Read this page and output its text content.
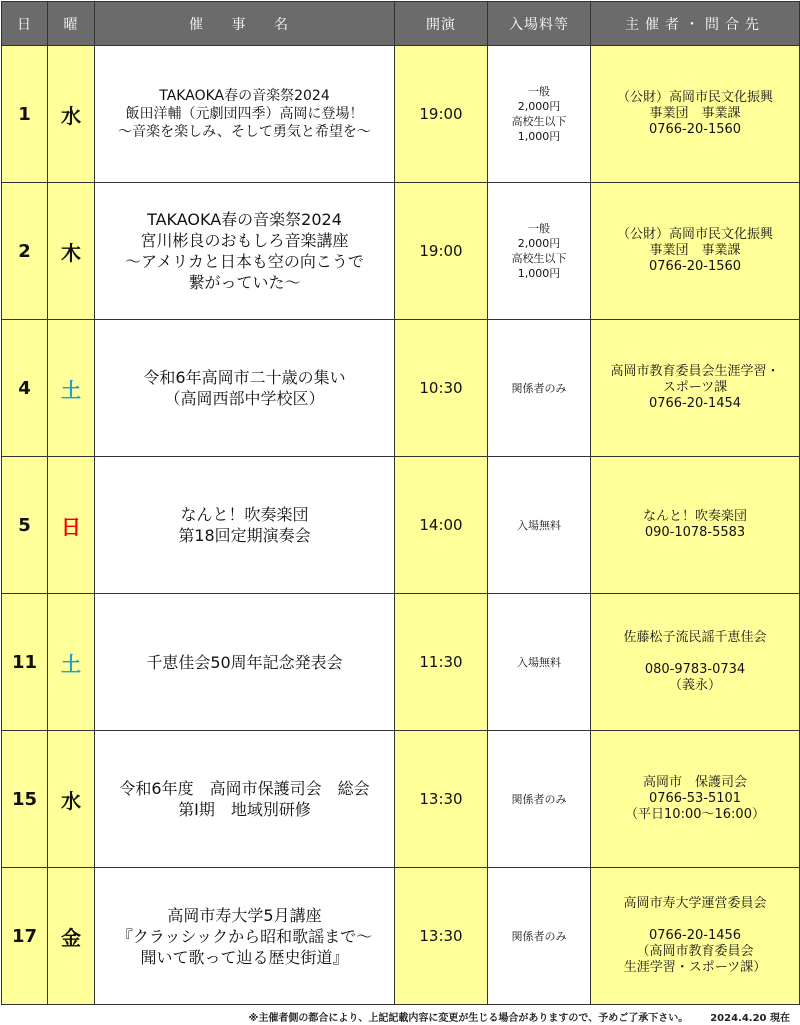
日	曜	催 事 名	開演	入場料等	主催者・問合先
1	水	TAKAOKA春の音楽祭2024
飯田洋輔（元劇団四季）高岡に登場！
～音楽を楽しみ、そして勇気と希望を～	19:00	一般
2,000円
高校生以下
1,000円	（公財）高岡市民文化振興
事業団　事業課
0766-20-1560

2	木	TAKAOKA春の音楽祭2024
宮川彬良のおもしろ音楽講座
～アメリカと日本も空の向こうで
繋がっていた～	19:00	一般
2,000円
高校生以下
1,000円	（公財）高岡市民文化振興
事業団　事業課
0766-20-1560

4	土	令和6年高岡市二十歳の集い
（高岡西部中学校区）	10:30	関係者のみ	高岡市教育委員会生涯学習・
スポーツ課
0766-20-1454

5	日	なんと！吹奏楽団
第18回定期演奏会	14:00	入場無料	なんと！吹奏楽団
090-1078-5583

11	土	千恵佳会50周年記念発表会	11:30	入場無料	佐藤松子流民謡千恵佳会
080-9783-0734
（義永）

15	水	令和6年度　高岡市保護司会　総会
第Ⅰ期　地域別研修	13:30	関係者のみ	高岡市　保護司会
0766-53-5101
（平日10:00～16:00）

17	金	高岡市寿大学5月講座
『クラッシックから昭和歌謡まで～
聞いて歌って辿る歴史街道』	13:30	関係者のみ	高岡市寿大学運営委員会
0766-20-1456
（高岡市教育委員会
生涯学習・スポーツ課）
※主催者側の都合により、上記記載内容に変更が生じる場合がありますので、予めご了承下さい。 2024.4.20 現在
